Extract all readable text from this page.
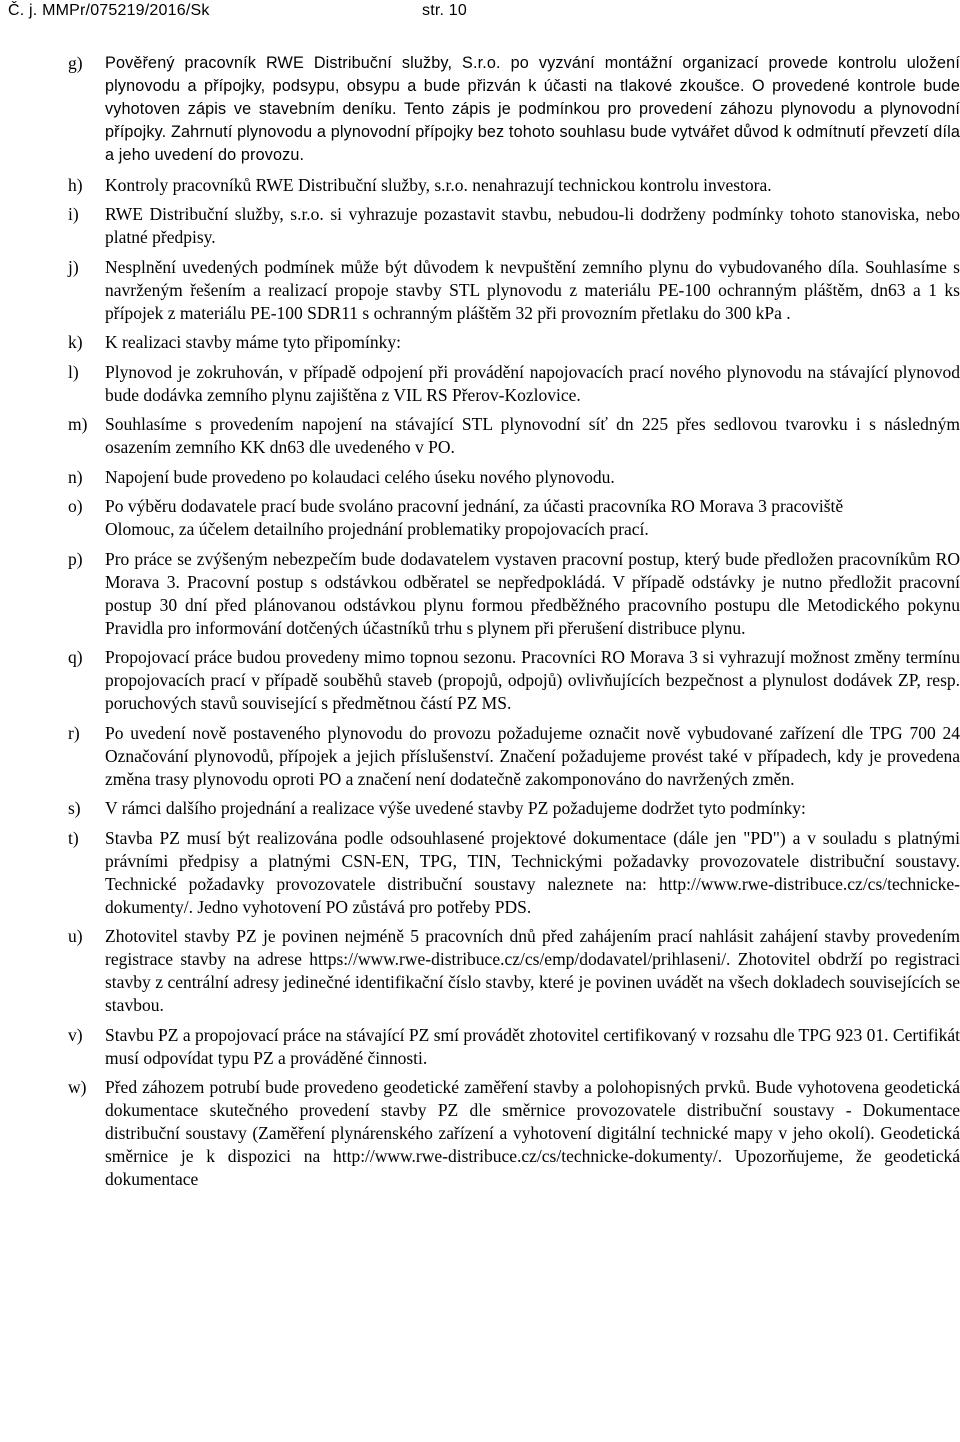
Č. j. MMPr/075219/2016/Sk	str. 10
g) Pověřený pracovník RWE Distribuční služby, S.r.o. po vyzvání montážní organizací provede kontrolu uložení plynovodu a přípojky, podsypu, obsypu a bude přizván k účasti na tlakové zkoušce. O provedené kontrole bude vyhotoven zápis ve stavebním deníku. Tento zápis je podmínkou pro provedení záhozu plynovodu a plynovodní přípojky. Zahrnutí plynovodu a plynovodní přípojky bez tohoto souhlasu bude vytvářet důvod k odmítnutí převzetí díla a jeho uvedení do provozu.

h) Kontroly pracovníků RWE Distribuční služby, s.r.o. nenahrazují technickou kontrolu investora.

i) RWE Distribuční služby, s.r.o. si vyhrazuje pozastavit stavbu, nebudou-li dodrženy podmínky tohoto stanoviska, nebo platné předpisy.

j) Nesplnění uvedených podmínek může být důvodem k nevpuštění zemního plynu do vybudovaného díla. Souhlasíme s navrženým řešením a realizací propoje stavby STL plynovodu z materiálu PE-100 ochranným pláštěm, dn63 a 1 ks přípojek z materiálu PE-100 SDR11 s ochranným pláštěm 32 při provozním přetlaku do 300 kPa .

k) K realizaci stavby máme tyto připomínky:

l) Plynovod je zokruhován, v případě odpojení při provádění napojovacích prací nového plynovodu na stávající plynovod bude dodávka zemního plynu zajištěna z VIL RS Přerov-Kozlovice.

m) Souhlasíme s provedením napojení na stávající STL plynovodní síť dn 225 přes sedlovou tvarovku i s následným osazením zemního KK dn63 dle uvedeného v PO.

n) Napojení bude provedeno po kolaudaci celého úseku nového plynovodu.

o) Po výběru dodavatele prací bude svoláno pracovní jednání, za účasti pracovníka RO Morava 3 pracoviště

Olomouc, za účelem detailního projednání problematiky propojovacích prací.

p) Pro práce se zvýšeným nebezpečím bude dodavatelem vystaven pracovní postup, který bude předložen pracovníkům RO Morava 3. Pracovní postup s odstávkou odběratel se nepředpokládá. V případě odstávky je nutno předložit pracovní postup 30 dní před plánovanou odstávkou plynu formou předběžného pracovního postupu dle Metodického pokynu Pravidla pro informování dotčených účastníků trhu s plynem při přerušení distribuce plynu.

q) Propojovací práce budou provedeny mimo topnou sezonu. Pracovníci RO Morava 3 si vyhrazují možnost změny termínu propojovacích prací v případě souběhů staveb (propojů, odpojů) ovlivňujících bezpečnost a plynulost dodávek ZP, resp. poruchových stavů související s předmětnou částí PZ MS.

r) Po uvedení nově postaveného plynovodu do provozu požadujeme označit nově vybudované zařízení dle TPG 700 24 Označování plynovodů, přípojek a jejich příslušenství. Značení požadujeme provést také v případech, kdy je provedena změna trasy plynovodu oproti PO a značení není dodatečně zakomponováno do navržených změn.

s) V rámci dalšího projednání a realizace výše uvedené stavby PZ požadujeme dodržet tyto podmínky:

t) Stavba PZ musí být realizována podle odsouhlasené projektové dokumentace (dále jen "PD") a v souladu s platnými právními předpisy a platnými CSN-EN, TPG, TIN, Technickými požadavky provozovatele distribuční soustavy. Technické požadavky provozovatele distribuční soustavy naleznete na: http://www.rwe-distribuce.cz/cs/technicke-dokumenty/. Jedno vyhotovení PO zůstává pro potřeby PDS.

u) Zhotovitel stavby PZ je povinen nejméně 5 pracovních dnů před zahájením prací nahlásit zahájení stavby provedením registrace stavby na adrese https://www.rwe-distribuce.cz/cs/emp/dodavatel/prihlaseni/. Zhotovitel obdrží po registraci stavby z centrální adresy jedinečné identifikační číslo stavby, které je povinen uvádět na všech dokladech souvisejících se stavbou.

v) Stavbu PZ a propojovací práce na stávající PZ smí provádět zhotovitel certifikovaný v rozsahu dle TPG 923 01. Certifikát musí odpovídat typu PZ a prováděné činnosti.

w) Před záhozem potrubí bude provedeno geodetické zaměření stavby a polohopisných prvků. Bude vyhotovena geodetická dokumentace skutečného provedení stavby PZ dle směrnice provozovatele distribuční soustavy - Dokumentace distribuční soustavy (Zaměření plynárenského zařízení a vyhotovení digitální technické mapy v jeho okolí). Geodetická směrnice je k dispozici na http://www.rwe-distribuce.cz/cs/technicke-dokumenty/. Upozorňujeme, že geodetická dokumentace
